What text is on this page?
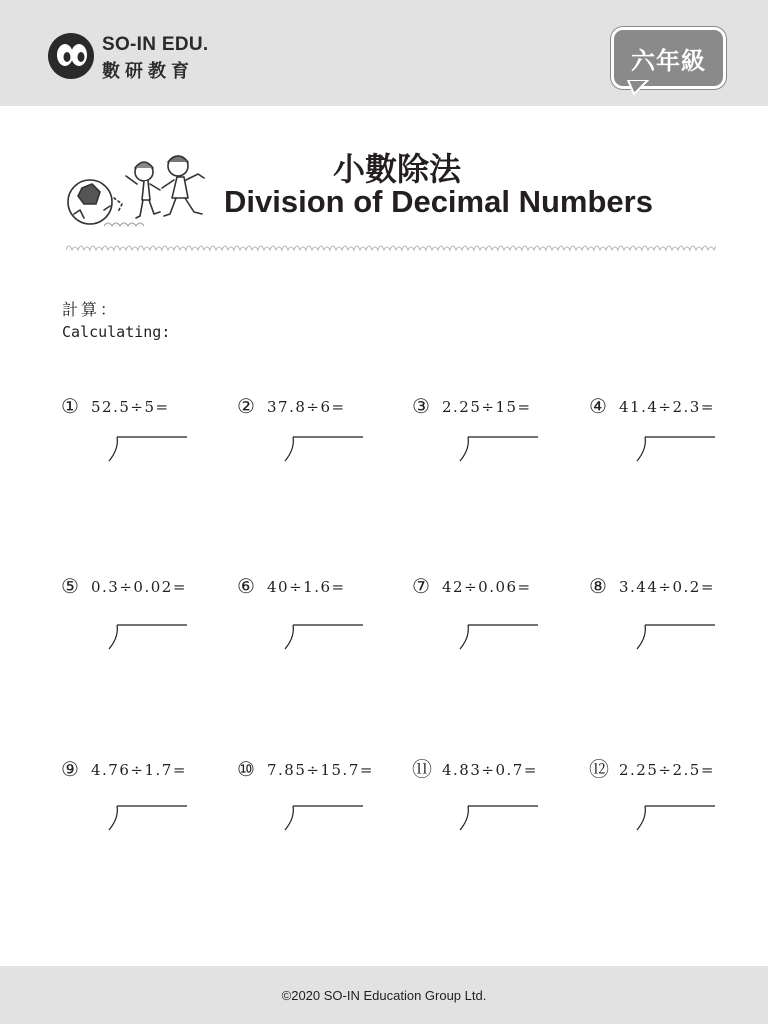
SO-IN EDU.
數研教育	六年級
小數除法
Division of Decimal Numbers
計算：
Calculating:
① 52.5÷5=	② 37.8÷6=	③ 2.25÷15=	④ 41.4÷2.3=
⑤ 0.3÷0.02=	⑥ 40÷1.6=	⑦ 42÷0.06=	⑧ 3.44÷0.2=
⑨ 4.76÷1.7=	⑩ 7.85÷15.7= ⑪ 4.83÷0.7=	⑫ 2.25÷2.5=
©2020 SO-IN Education Group Ltd.
